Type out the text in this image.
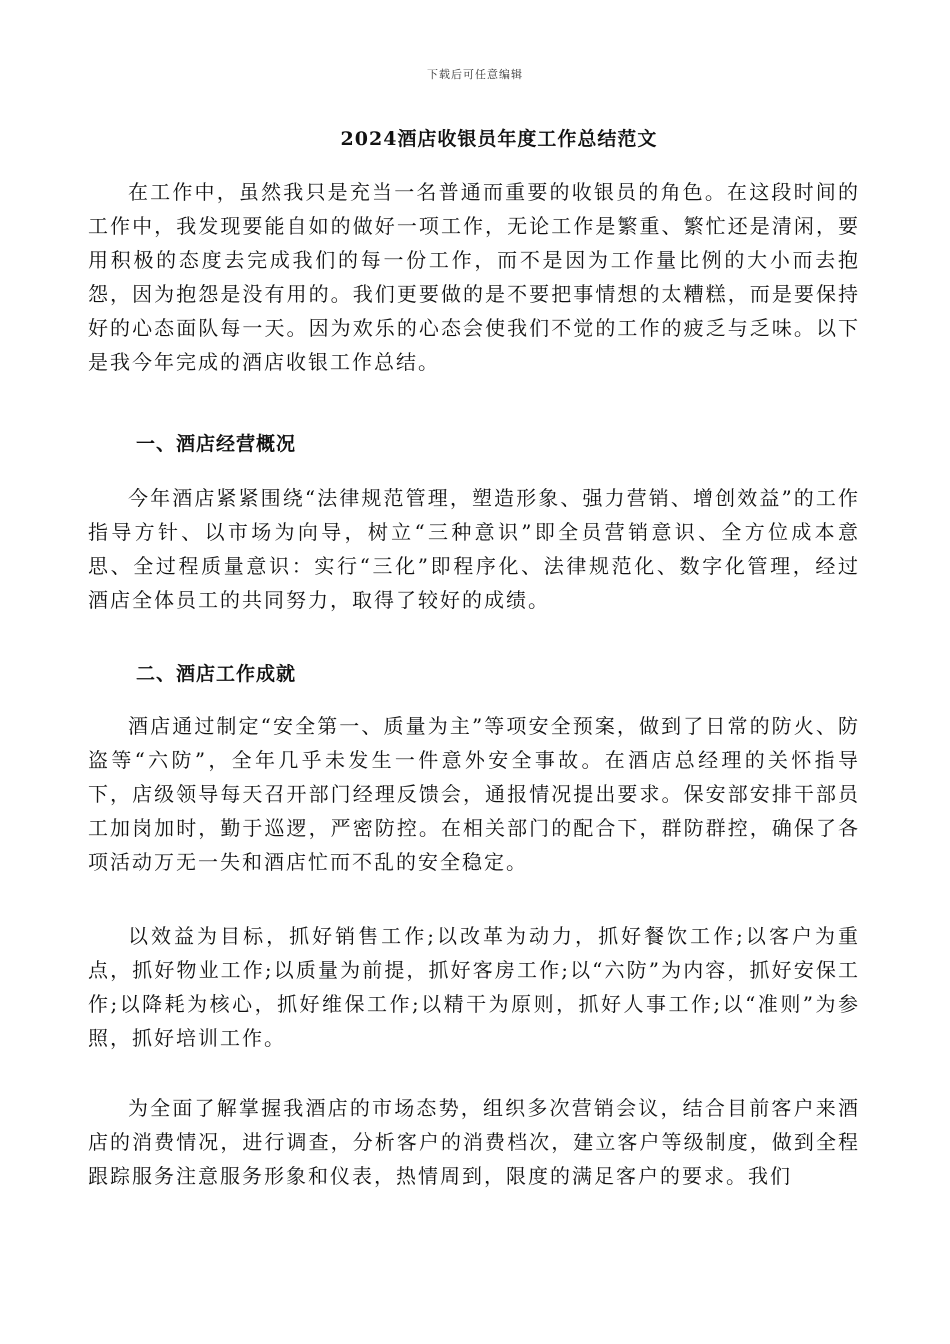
下载后可任意编辑
2024酒店收银员年度工作总结范文

在工作中，虽然我只是充当一名普通而重要的收银员的角色。在这段时间的工作中，我发现要能自如的做好一项工作，无论工作是繁重、繁忙还是清闲，要用积极的态度去完成我们的每一份工作，而不是因为工作量比例的大小而去抱怨，因为抱怨是没有用的。我们更要做的是不要把事情想的太糟糕，而是要保持好的心态面队每一天。因为欢乐的心态会使我们不觉的工作的疲乏与乏味。以下是我今年完成的酒店收银工作总结。

一、酒店经营概况

今年酒店紧紧围绕“法律规范管理，塑造形象、强力营销、增创效益”的工作指导方针、以市场为向导，树立“三种意识”即全员营销意识、全方位成本意思、全过程质量意识：实行“三化”即程序化、法律规范化、数字化管理，经过酒店全体员工的共同努力，取得了较好的成绩。

二、酒店工作成就

酒店通过制定“安全第一、质量为主”等项安全预案，做到了日常的防火、防盗等“六防”，全年几乎未发生一件意外安全事故。在酒店总经理的关怀指导下，店级领导每天召开部门经理反馈会，通报情况提出要求。保安部安排干部员工加岗加时，勤于巡逻，严密防控。在相关部门的配合下，群防群控，确保了各项活动万无一失和酒店忙而不乱的安全稳定。

以效益为目标，抓好销售工作;以改革为动力，抓好餐饮工作;以客户为重点，抓好物业工作;以质量为前提，抓好客房工作;以“六防”为内容，抓好安保工作;以降耗为核心，抓好维保工作;以精干为原则，抓好人事工作;以“准则”为参照，抓好培训工作。

为全面了解掌握我酒店的市场态势，组织多次营销会议，结合目前客户来酒店的消费情况，进行调查，分析客户的消费档次，建立客户等级制度，做到全程跟踪服务注意服务形象和仪表，热情周到，限度的满足客户的要求。我们
